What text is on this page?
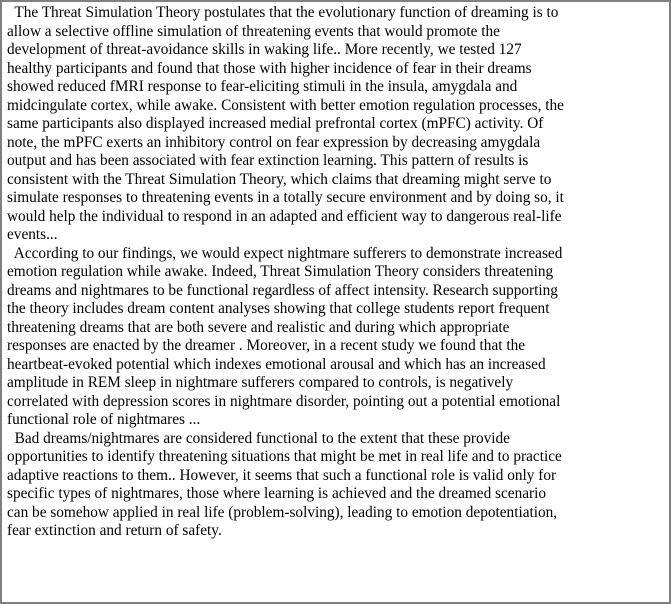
The Threat Simulation Theory postulates that the evolutionary function of dreaming is to
allow a selective offline simulation of threatening events that would promote the
development of threat-avoidance skills in waking life.. More recently, we tested 127
healthy participants and found that those with higher incidence of fear in their dreams
showed reduced fMRI response to fear-eliciting stimuli in the insula, amygdala and
midcingulate cortex, while awake. Consistent with better emotion regulation processes, the
same participants also displayed increased medial prefrontal cortex (mPFC) activity. Of
note, the mPFC exerts an inhibitory control on fear expression by decreasing amygdala
output and has been associated with fear extinction learning. This pattern of results is
consistent with the Threat Simulation Theory, which claims that dreaming might serve to
simulate responses to threatening events in a totally secure environment and by doing so, it
would help the individual to respond in an adapted and efficient way to dangerous real-life
events...
According to our findings, we would expect nightmare sufferers to demonstrate increased
emotion regulation while awake. Indeed, Threat Simulation Theory considers threatening
dreams and nightmares to be functional regardless of affect intensity. Research supporting
the theory includes dream content analyses showing that college students report frequent
threatening dreams that are both severe and realistic and during which appropriate
responses are enacted by the dreamer . Moreover, in a recent study we found that the
heartbeat-evoked potential which indexes emotional arousal and which has an increased
amplitude in REM sleep in nightmare sufferers compared to controls, is negatively
correlated with depression scores in nightmare disorder, pointing out a potential emotional
functional role of nightmares ...
Bad dreams/nightmares are considered functional to the extent that these provide
opportunities to identify threatening situations that might be met in real life and to practice
adaptive reactions to them.. However, it seems that such a functional role is valid only for
specific types of nightmares, those where learning is achieved and the dreamed scenario
can be somehow applied in real life (problem-solving), leading to emotion depotentiation,
fear extinction and return of safety.
